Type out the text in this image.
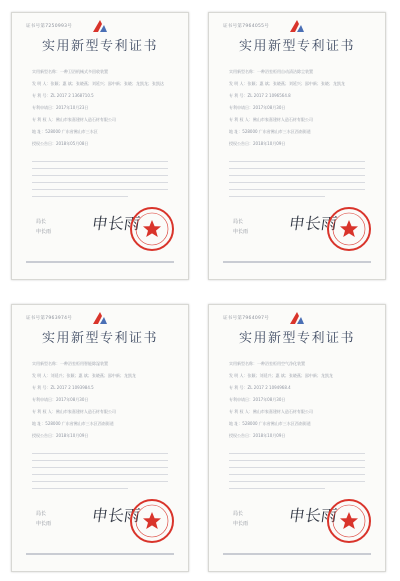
证书号第7250993号
实用新型专利证书
实用新型名称：一种卫浴机械式多回收装置
发 明 人：张颖；惠 斌；张晓燕；刘延兴；邵中新；张晓；龙凯龙；张凯达
专 利 号：ZL 2017 2 1368710.5
专利申请日：2017年10月23日
专 利 权 人：佛山市家嘉建材人造石材有限公司
地 址：528000 广东省佛山市三水区
授权公告日：2018年05月08日
局长
申长雨 申长雨
证书号第7964055号
实用新型专利证书
实用新型名称：一种浴室柜用自动清洁除尘装置
发 明 人：张颖；惠 斌；张晓燕；刘延兴；邵中新；张晓；龙凯龙
专 利 号：ZL 2017 2 1096564.8
专利申请日：2017年08月30日
专 利 权 人：佛山市家嘉建材人造石材有限公司
地 址：528000 广东省佛山市三水区西南街道
授权公告日：2018年10月09日
局长
申长雨 申长雨
证书号第7963974号
实用新型专利证书
实用新型名称：一种浴室柜用智能除湿装置
发 明 人：刘延兴；张颖；惠 斌；张晓燕；邵中新；龙凯龙
专 利 号：ZL 2017 2 1093984.5
专利申请日：2017年08月30日
专 利 权 人：佛山市家嘉建材人造石材有限公司
地 址：528000 广东省佛山市三水区西南街道
授权公告日：2018年10月09日
局长
申长雨 申长雨
证书号第7964097号
实用新型专利证书
实用新型名称：一种浴室柜用空气净化装置
发 明 人：张颖；刘延兴；惠 斌；张晓燕；邵中新；龙凯龙
专 利 号：ZL 2017 2 1094968.4
专利申请日：2017年08月30日
专 利 权 人：佛山市家嘉建材人造石材有限公司
地 址：528000 广东省佛山市三水区西南街道
授权公告日：2018年10月09日
局长
申长雨 申长雨
